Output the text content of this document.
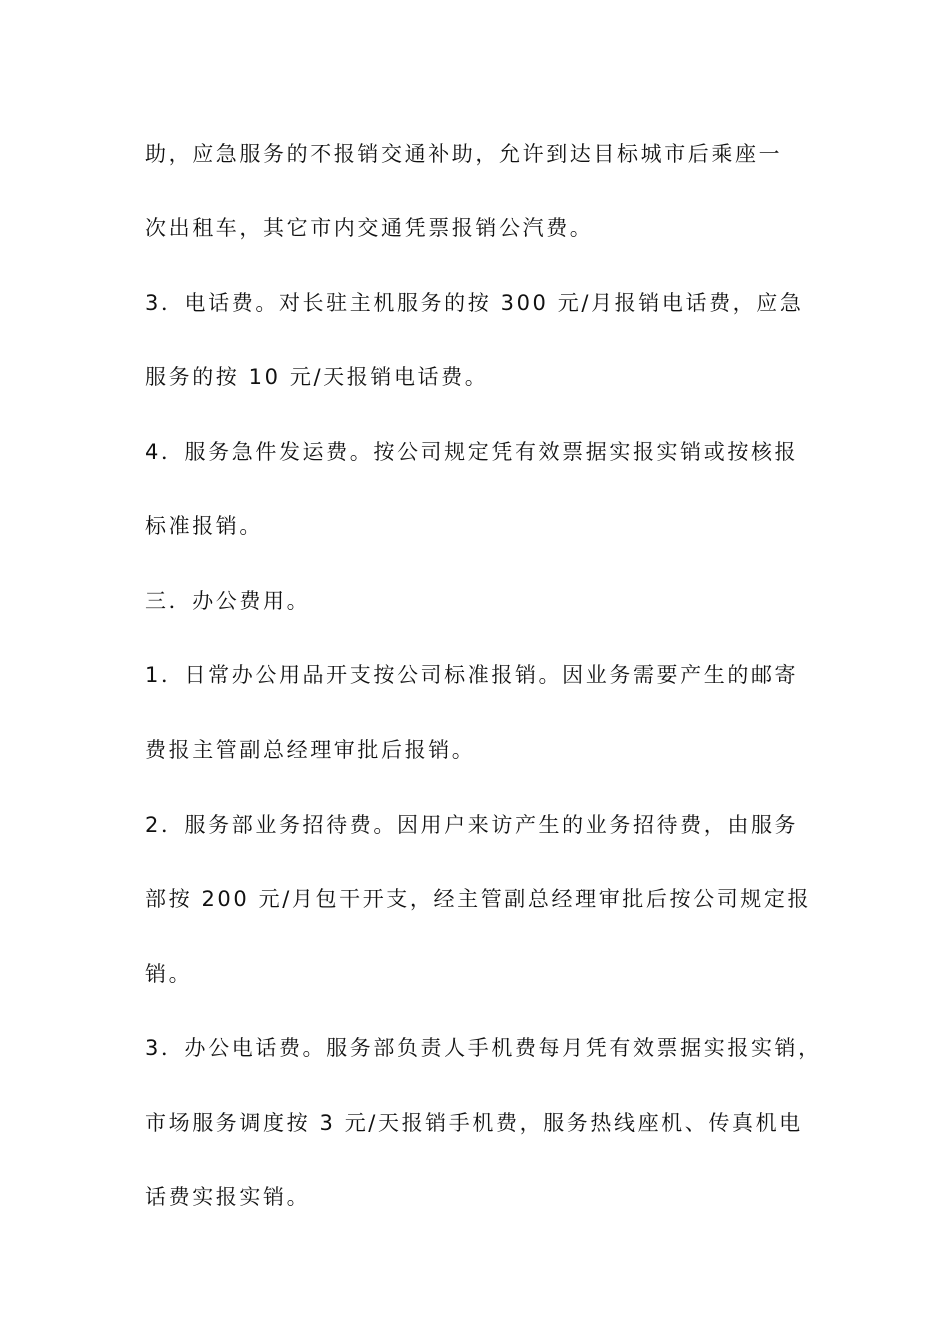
助，应急服务的不报销交通补助，允许到达目标城市后乘座一
次出租车，其它市内交通凭票报销公汽费。
3．电话费。对长驻主机服务的按 300 元/月报销电话费，应急
服务的按 10 元/天报销电话费。
4．服务急件发运费。按公司规定凭有效票据实报实销或按核报
标准报销。
三．办公费用。
1．日常办公用品开支按公司标准报销。因业务需要产生的邮寄
费报主管副总经理审批后报销。
2．服务部业务招待费。因用户来访产生的业务招待费，由服务
部按 200 元/月包干开支，经主管副总经理审批后按公司规定报
销。
3．办公电话费。服务部负责人手机费每月凭有效票据实报实销，
市场服务调度按 3 元/天报销手机费，服务热线座机、传真机电
话费实报实销。
